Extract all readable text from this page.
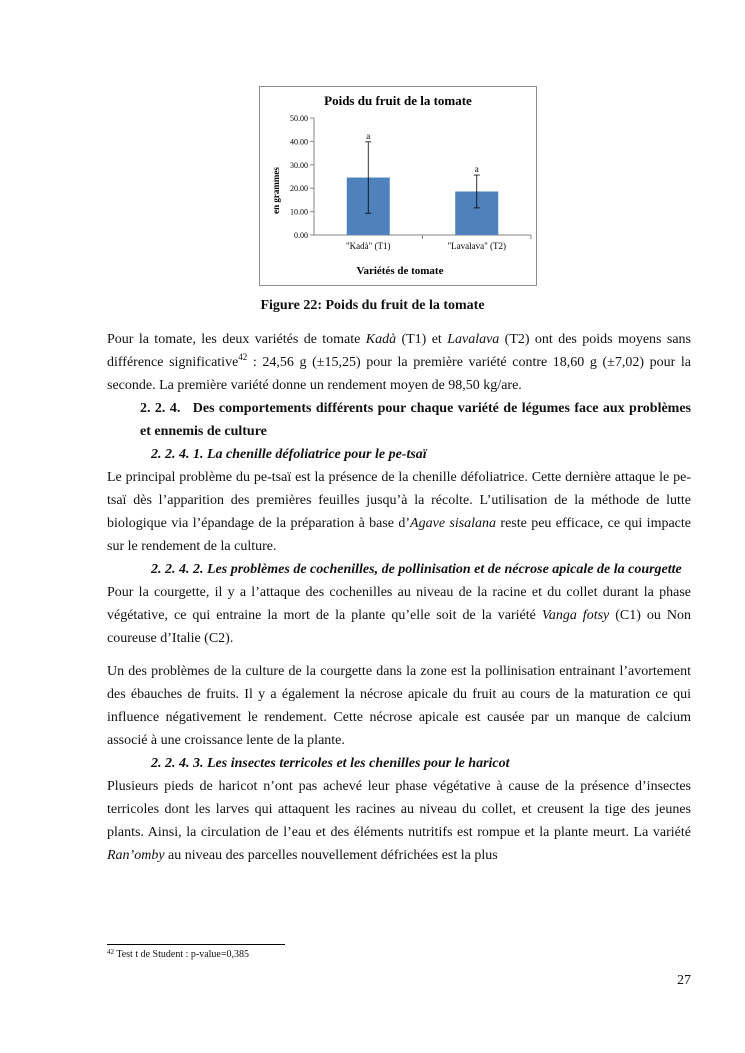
Poids du fruit de la tomate
0.00
10.00
20.00
30.00
40.00
50.00
a
"Kadà" (T1)
a
"Lavalava" (T2)
Variétés de tomate
en grammes
Figure 22: Poids du fruit de la tomate

Pour la tomate, les deux variétés de tomate Kadà (T1) et Lavalava (T2) ont des poids moyens sans différence significative$^{42}$ : 24,56 g (±15,25) pour la première variété contre 18,60 g (±7,02) pour la seconde. La première variété donne un rendement moyen de 98,50 kg/are.

2. 2. 4. Des comportements différents pour chaque variété de légumes face aux problèmes et ennemis de culture

2. 2. 4. 1. La chenille défoliatrice pour le pe-tsaï

Le principal problème du pe-tsaï est la présence de la chenille défoliatrice. Cette dernière attaque le pe-tsaï dès l’apparition des premières feuilles jusqu’à la récolte. L’utilisation de la méthode de lutte biologique via l’épandage de la préparation à base d’Agave sisalana reste peu efficace, ce qui impacte sur le rendement de la culture.

2. 2. 4. 2. Les problèmes de cochenilles, de pollinisation et de nécrose apicale de la courgette

Pour la courgette, il y a l’attaque des cochenilles au niveau de la racine et du collet durant la phase végétative, ce qui entraine la mort de la plante qu’elle soit de la variété Vanga fotsy (C1) ou Non coureuse d’Italie (C2).

Un des problèmes de la culture de la courgette dans la zone est la pollinisation entrainant l’avortement des ébauches de fruits. Il y a également la nécrose apicale du fruit au cours de la maturation ce qui influence négativement le rendement. Cette nécrose apicale est causée par un manque de calcium associé à une croissance lente de la plante.

2. 2. 4. 3. Les insectes terricoles et les chenilles pour le haricot

Plusieurs pieds de haricot n’ont pas achevé leur phase végétative à cause de la présence d’insectes terricoles dont les larves qui attaquent les racines au niveau du collet, et creusent la tige des jeunes plants. Ainsi, la circulation de l’eau et des éléments nutritifs est rompue et la plante meurt. La variété Ran’omby au niveau des parcelles nouvellement défrichées est la plus

$^{42}$ Test t de Student : p-value=0,385
27
